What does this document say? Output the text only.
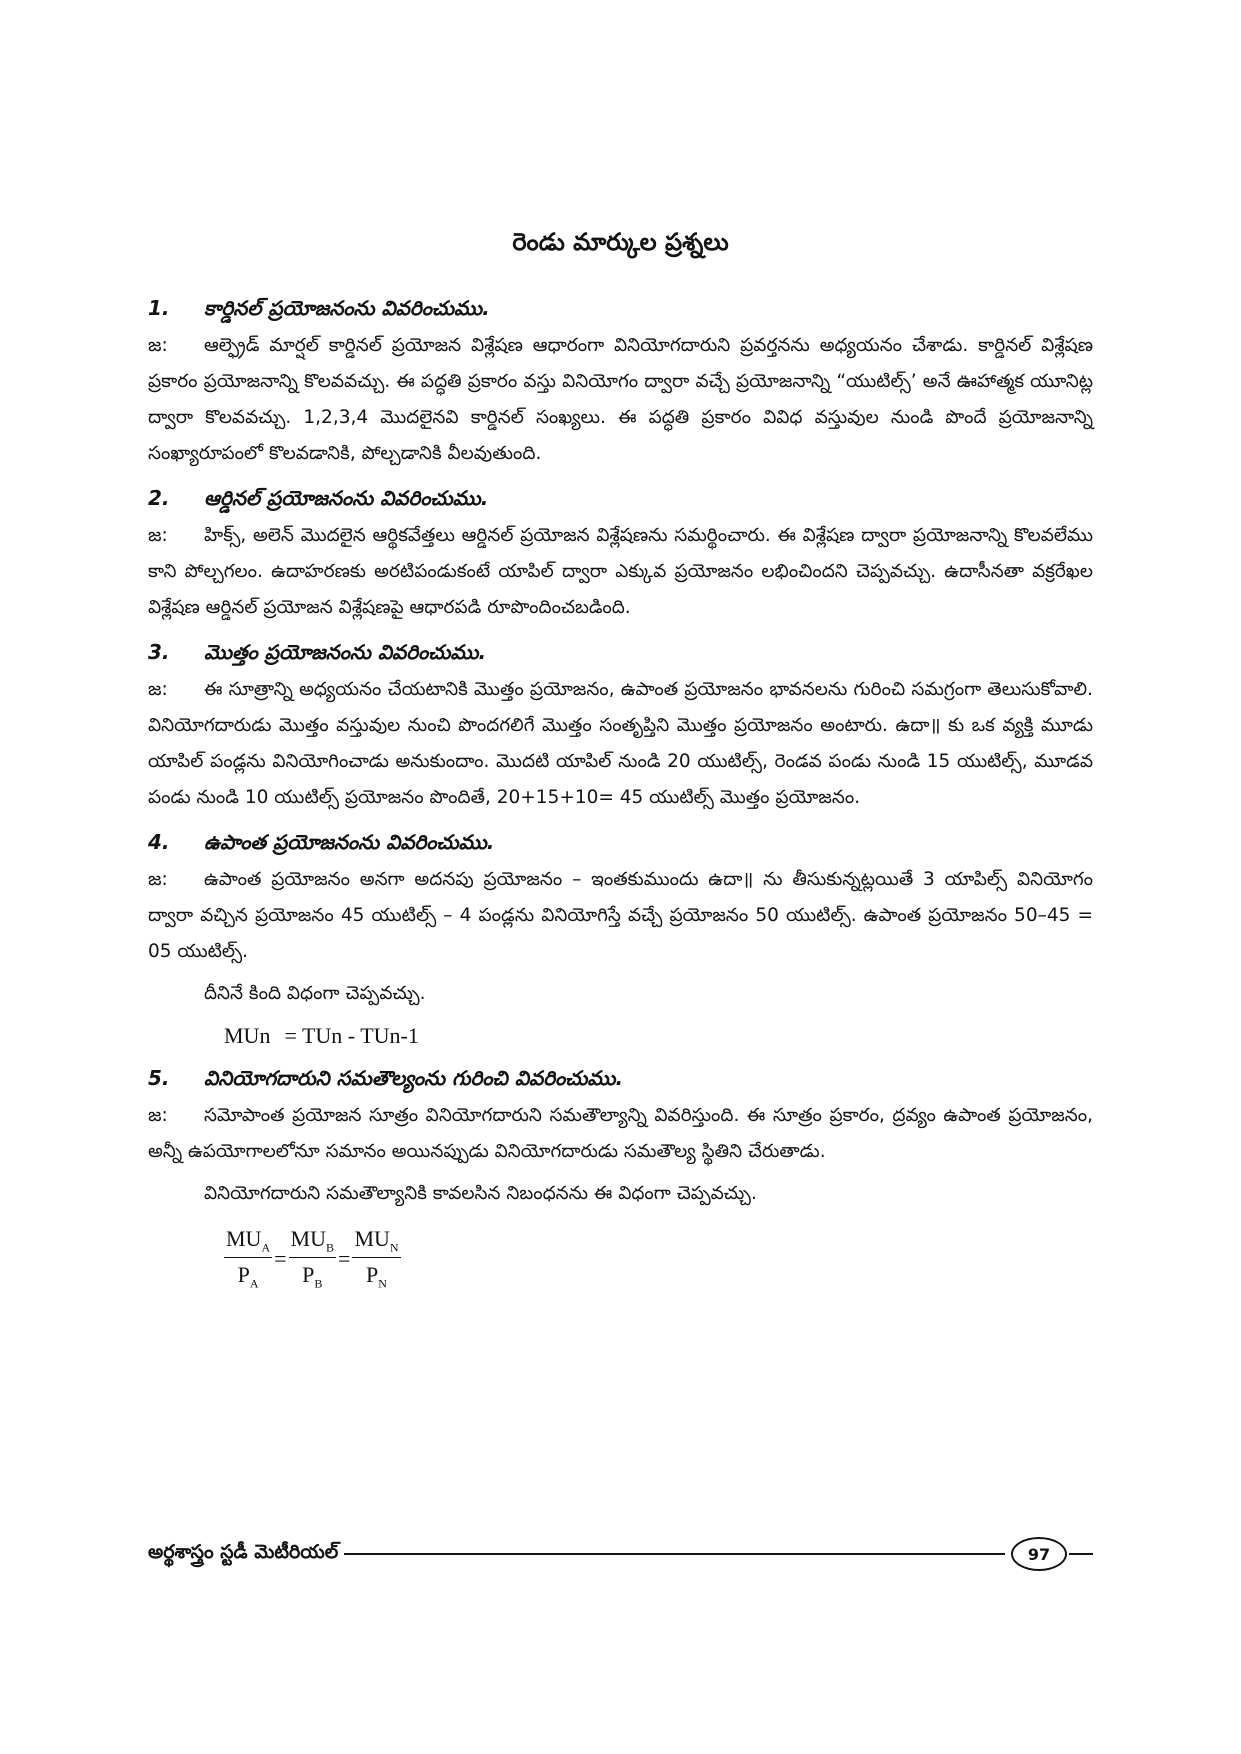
రెండు మార్కుల ప్రశ్నలు
1.	కార్డినల్ ప్రయోజనంను వివరించుము.

జ: ఆల్ఫ్రెడ్ మార్షల్ కార్డినల్ ప్రయోజన విశ్లేషణ ఆధారంగా వినియోగదారుని ప్రవర్తనను అధ్యయనం చేశాడు. కార్డినల్ విశ్లేషణ ప్రకారం ప్రయోజనాన్ని కొలవవచ్చు. ఈ పద్ధతి ప్రకారం వస్తు వినియోగం ద్వారా వచ్చే ప్రయోజనాన్ని “యుటిల్స్’ అనే ఊహాత్మక యూనిట్ల ద్వారా కొలవవచ్చు. 1,2,3,4 మొదలైనవి కార్డినల్ సంఖ్యలు. ఈ పద్ధతి ప్రకారం వివిధ వస్తువుల నుండి పొందే ప్రయోజనాన్ని సంఖ్యారూపంలో కొలవడానికి, పోల్చడానికి వీలవుతుంది.

2.	ఆర్డినల్ ప్రయోజనంను వివరించుము.

జ: హిక్స్, అలెన్ మొదలైన ఆర్థికవేత్తలు ఆర్డినల్ ప్రయోజన విశ్లేషణను సమర్థించారు. ఈ విశ్లేషణ ద్వారా ప్రయోజనాన్ని కొలవలేము కాని పోల్చగలం. ఉదాహరణకు అరటిపండుకంటే యాపిల్ ద్వారా ఎక్కువ ప్రయోజనం లభించిందని చెప్పవచ్చు. ఉదాసీనతా వక్రరేఖల విశ్లేషణ ఆర్డినల్ ప్రయోజన విశ్లేషణపై ఆధారపడి రూపొందించబడింది.

3.	మొత్తం ప్రయోజనంను వివరించుము.

జ: ఈ సూత్రాన్ని అధ్యయనం చేయటానికి మొత్తం ప్రయోజనం, ఉపాంత ప్రయోజనం భావనలను గురించి సమగ్రంగా తెలుసుకోవాలి. వినియోగదారుడు మొత్తం వస్తువుల నుంచి పొందగలిగే మొత్తం సంతృప్తిని మొత్తం ప్రయోజనం అంటారు. ఉదా॥ కు ఒక వ్యక్తి మూడు యాపిల్ పండ్లను వినియోగించాడు అనుకుందాం. మొదటి యాపిల్ నుండి 20 యుటిల్స్, రెండవ పండు నుండి 15 యుటిల్స్, మూడవ పండు నుండి 10 యుటిల్స్ ప్రయోజనం పొందితే, 20+15+10= 45 యుటిల్స్ మొత్తం ప్రయోజనం.

4.	ఉపాంత ప్రయోజనంను వివరించుము.

జ: ఉపాంత ప్రయోజనం అనగా అదనపు ప్రయోజనం – ఇంతకుముందు ఉదా॥ ను తీసుకున్నట్లయితే 3 యాపిల్స్ వినియోగం ద్వారా వచ్చిన ప్రయోజనం 45 యుటిల్స్ – 4 పండ్లను వినియోగిస్తే వచ్చే ప్రయోజనం 50 యుటిల్స్. ఉపాంత ప్రయోజనం 50–45 = 05 యుటిల్స్.

దీనినే కింది విధంగా చెప్పవచ్చు.

MUn = TUn - TUn-1
5.	వినియోగదారుని సమతౌల్యంను గురించి వివరించుము.

జ: సమోపాంత ప్రయోజన సూత్రం వినియోగదారుని సమతౌల్యాన్ని వివరిస్తుంది. ఈ సూత్రం ప్రకారం, ద్రవ్యం ఉపాంత ప్రయోజనం, అన్నీ ఉపయోగాలలోనూ సమానం అయినప్పుడు వినియోగదారుడు సమతౌల్య స్థితిని చేరుతాడు.

వినియోగదారుని సమతౌల్యానికి కావలసిన నిబంధనను ఈ విధంగా చెప్పవచ్చు.

$\frac{MU_A}{P_A} = \frac{MU_B}{P_B} = \frac{MU_N}{P_N}$
అర్థశాస్త్రం స్టడీ మెటీరియల్	97
